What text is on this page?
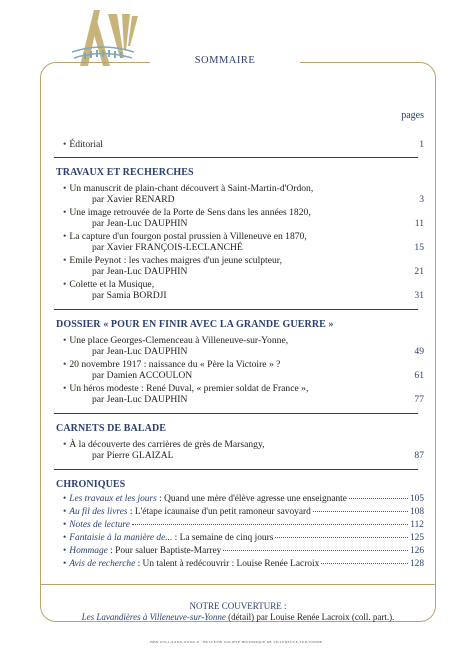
SOMMAIRE
pages
• Éditorial	1
TRAVAUX ET RECHERCHES
• Un manuscrit de plain-chant découvert à Saint-Martin-d'Ordon,
par Xavier RENARD	3
• Une image retrouvée de la Porte de Sens dans les années 1820,
par Jean-Luc DAUPHIN	11
• La capture d'un fourgon postal prussien à Villeneuve en 1870,
par Xavier FRANÇOIS-LECLANCHÉ	15
• Emile Peynot : les vaches maigres d'un jeune sculpteur,
par Jean-Luc DAUPHIN	21
• Colette et la Musique,
par Samia BORDJI	31
DOSSIER « POUR EN FINIR AVEC LA GRANDE GUERRE »
• Une place Georges-Clemenceau à Villeneuve-sur-Yonne,
par Jean-Luc DAUPHIN	49
• 20 novembre 1917 : naissance du « Père la Victoire » ?
par Damien ACCOULON	61
• Un héros modeste : René Duval, « premier soldat de France »,
par Jean-Luc DAUPHIN	77
CARNETS DE BALADE
• À la découverte des carrières de grès de Marsangy,
par Pierre GLAIZAL	87
CHRONIQUES
• Les travaux et les jours : Quand une mère d'élève agresse une enseignante	105
• Au fil des livres : L'étape icaunaise d'un petit ramoneur savoyard	108
• Notes de lecture	112
• Fantaisie à la manière de... : La semaine de cinq jours	125
• Hommage : Pour saluer Baptiste-Marrey	126
• Avis de recherche : Un talent à redécouvrir : Louise Renée Lacroix	128
NOTRE COUVERTURE :
Les Lavandières à Villeneuve-sur-Yonne (détail) par Louise Renée Lacroix (coll. part.).
ISBN 978-2-XXXX-XXXX-X · BULLETIN SOCIÉTÉ HISTORIQUE DE VILLENEUVE-SUR-YONNE
